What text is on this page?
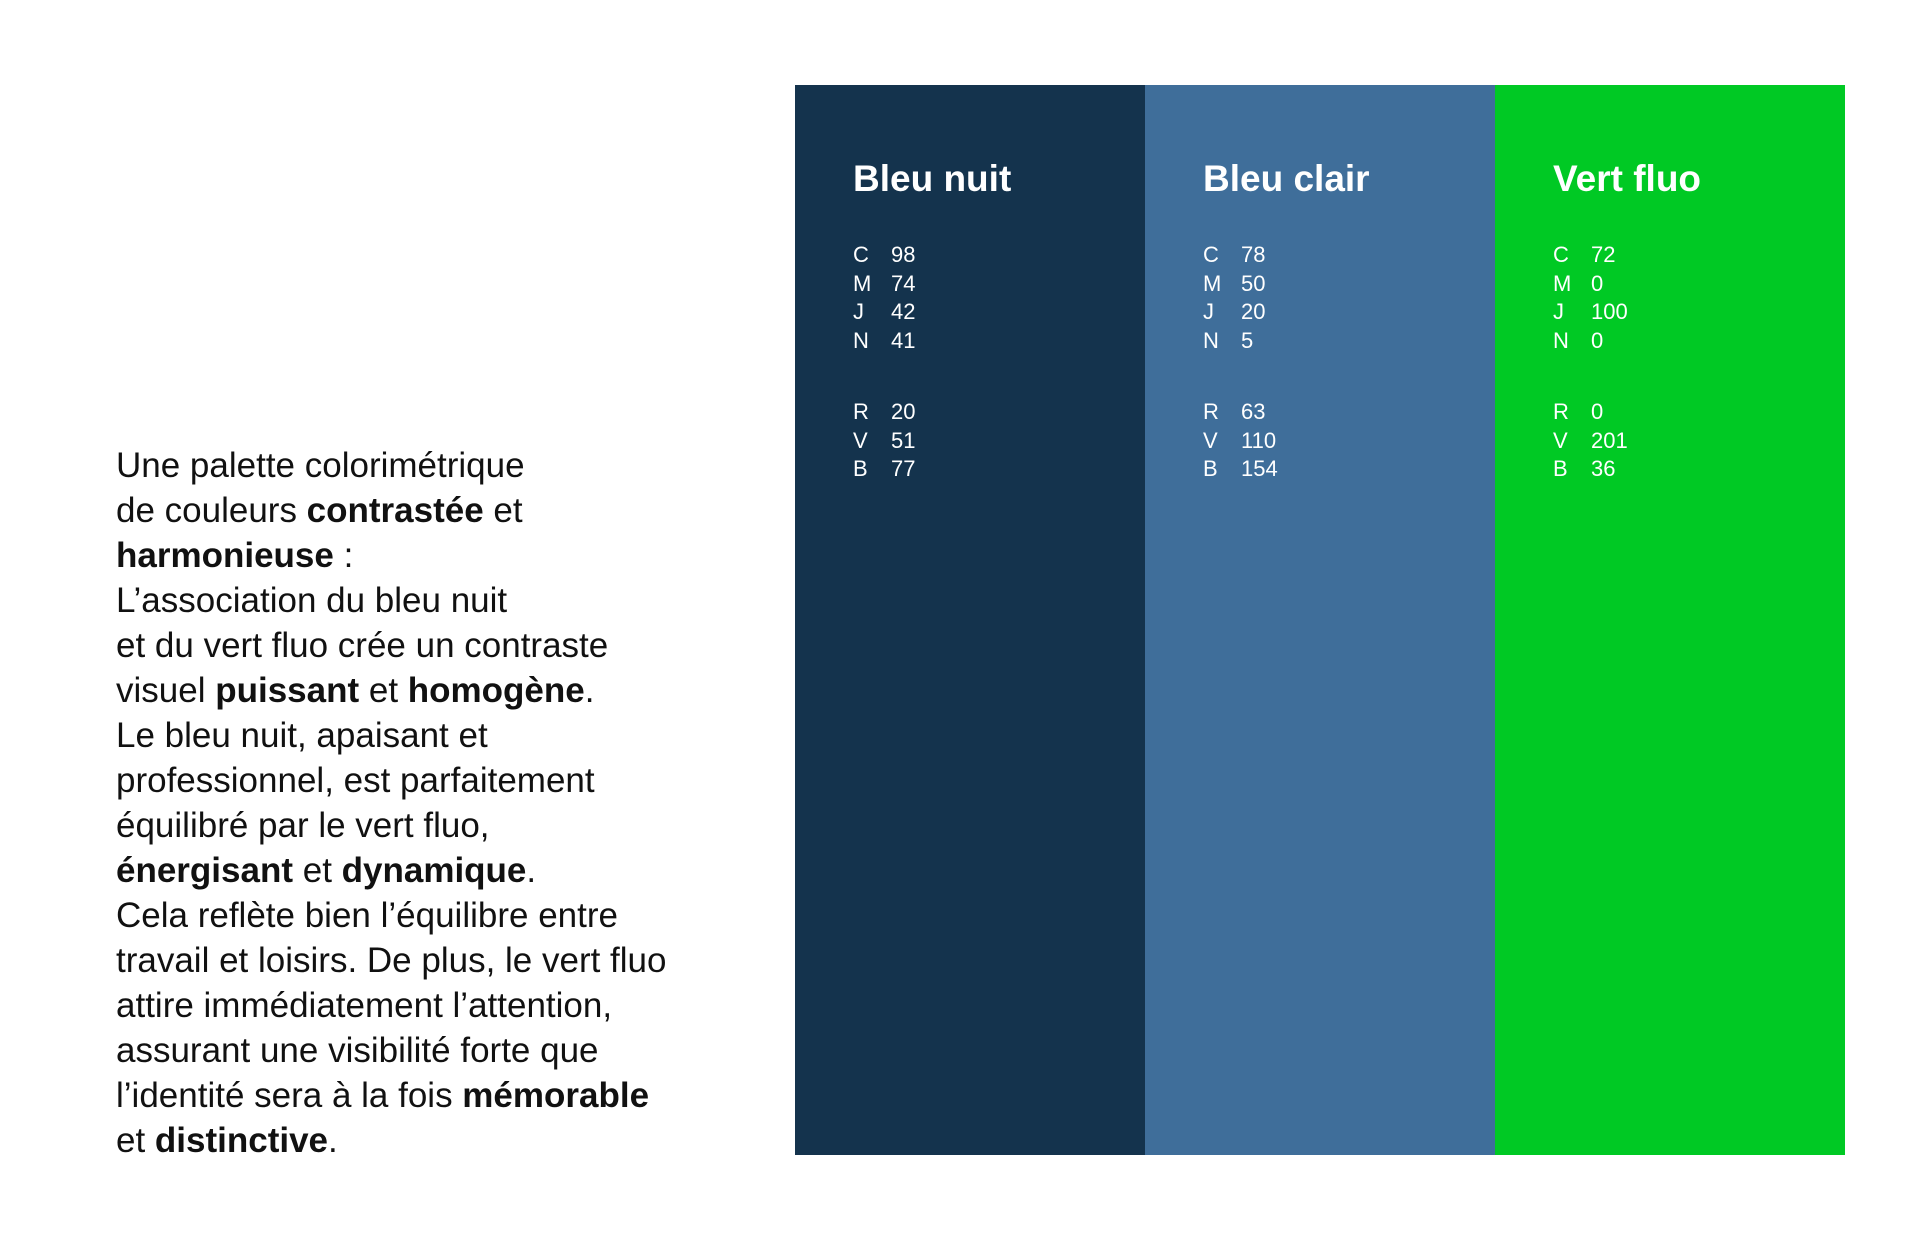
Une palette colorimétrique
de couleurs contrastée et
harmonieuse :
L’association du bleu nuit
et du vert fluo crée un contraste
visuel puissant et homogène.
Le bleu nuit, apaisant et
professionnel, est parfaitement
équilibré par le vert fluo,
énergisant et dynamique.
Cela reflète bien l’équilibre entre
travail et loisirs. De plus, le vert fluo
attire immédiatement l’attention,
assurant une visibilité forte que
l’identité sera à la fois mémorable
et distinctive.

Bleu nuit
C	98
M 74
J	42
N	41
R	20
V	51
B	77
Bleu clair
C	78
M 50
J	20
N	5
R	63
V	110
B	154
Vert fluo
C	72
M 0
J	100
N	0
R	0
V	201
B	36
